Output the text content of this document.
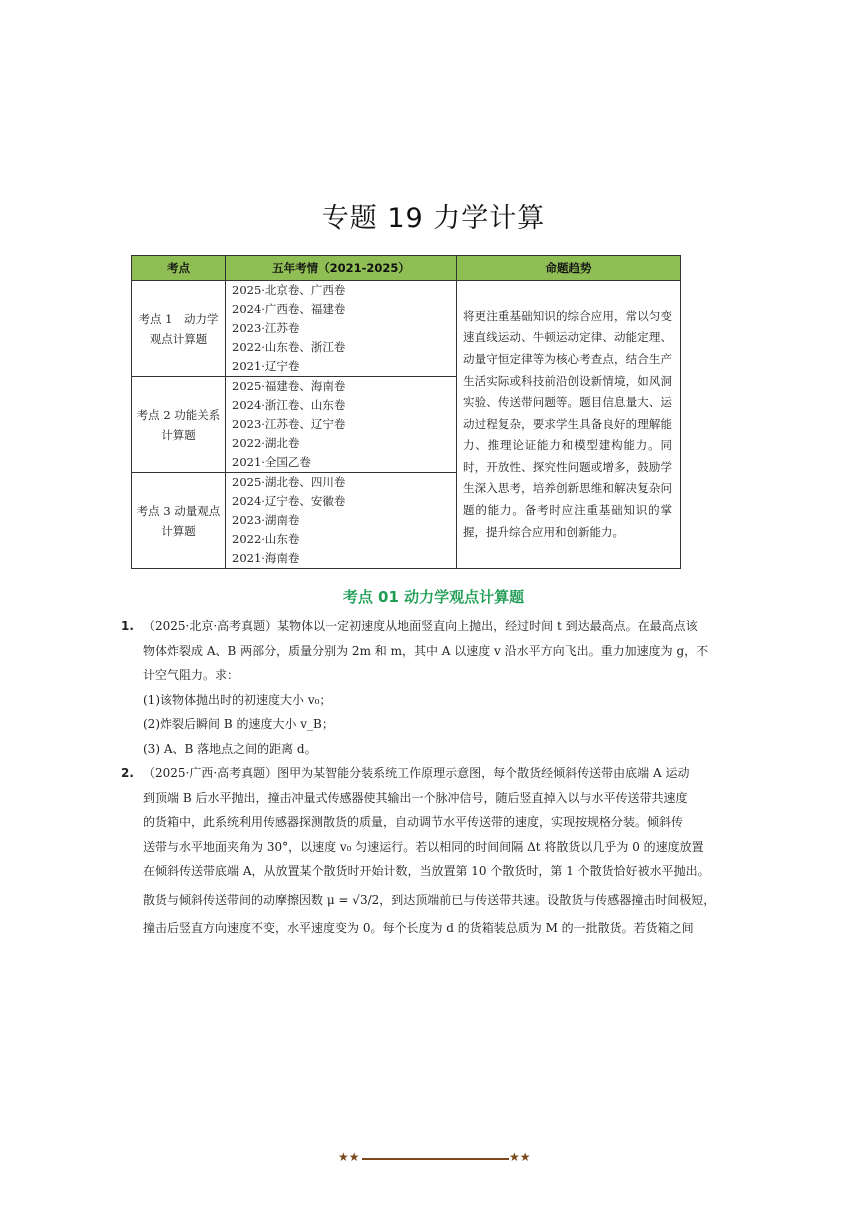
专题 19 力学计算
考点	五年考情（2021-2025）	命题趋势
考点 1　动力学观点计算题	2025·北京卷、广西卷
2024·广西卷、福建卷
2023·江苏卷
2022·山东卷、浙江卷
2021·辽宁卷	将更注重基础知识的综合应用，常以匀变速直线运动、牛顿运动定律、动能定理、动量守恒定律等为核心考查点，结合生产生活实际或科技前沿创设新情境，如风洞实验、传送带问题等。题目信息量大、运动过程复杂，要求学生具备良好的理解能力、推理论证能力和模型建构能力。同时，开放性、探究性问题或增多，鼓励学生深入思考，培养创新思维和解决复杂问题的能力。备考时应注重基础知识的掌握，提升综合应用和创新能力。
考点 2 功能关系计算题	2025·福建卷、海南卷
2024·浙江卷、山东卷
2023·江苏卷、辽宁卷
2022·湖北卷
2021·全国乙卷	

考点 3 动量观点计算题	2025·湖北卷、四川卷
2024·辽宁卷、安徽卷
2023·湖南卷
2022·山东卷
2021·海南卷	
考点 01 动力学观点计算题
1. （2025·北京·高考真题）某物体以一定初速度从地面竖直向上抛出，经过时间 t 到达最高点。在最高点该
物体炸裂成 A、B 两部分，质量分别为 2m 和 m，其中 A 以速度 v 沿水平方向飞出。重力加速度为 g，不
计空气阻力。求：
(1)该物体抛出时的初速度大小 v₀；
(2)炸裂后瞬间 B 的速度大小 v_B；
(3) A、B 落地点之间的距离 d。
2. （2025·广西·高考真题）图甲为某智能分装系统工作原理示意图，每个散货经倾斜传送带由底端 A 运动
到顶端 B 后水平抛出，撞击冲量式传感器使其输出一个脉冲信号，随后竖直掉入以与水平传送带共速度
的货箱中，此系统利用传感器探测散货的质量，自动调节水平传送带的速度，实现按规格分装。倾斜传
送带与水平地面夹角为 30°，以速度 v₀ 匀速运行。若以相同的时间间隔 Δt 将散货以几乎为 0 的速度放置
在倾斜传送带底端 A，从放置某个散货时开始计数，当放置第 10 个散货时，第 1 个散货恰好被水平抛出。
散货与倾斜传送带间的动摩擦因数 μ = √3/2，到达顶端前已与传送带共速。设散货与传感器撞击时间极短，
撞击后竖直方向速度不变，水平速度变为 0。每个长度为 d 的货箱装总质为 M 的一批散货。若货箱之间
★★	★★
